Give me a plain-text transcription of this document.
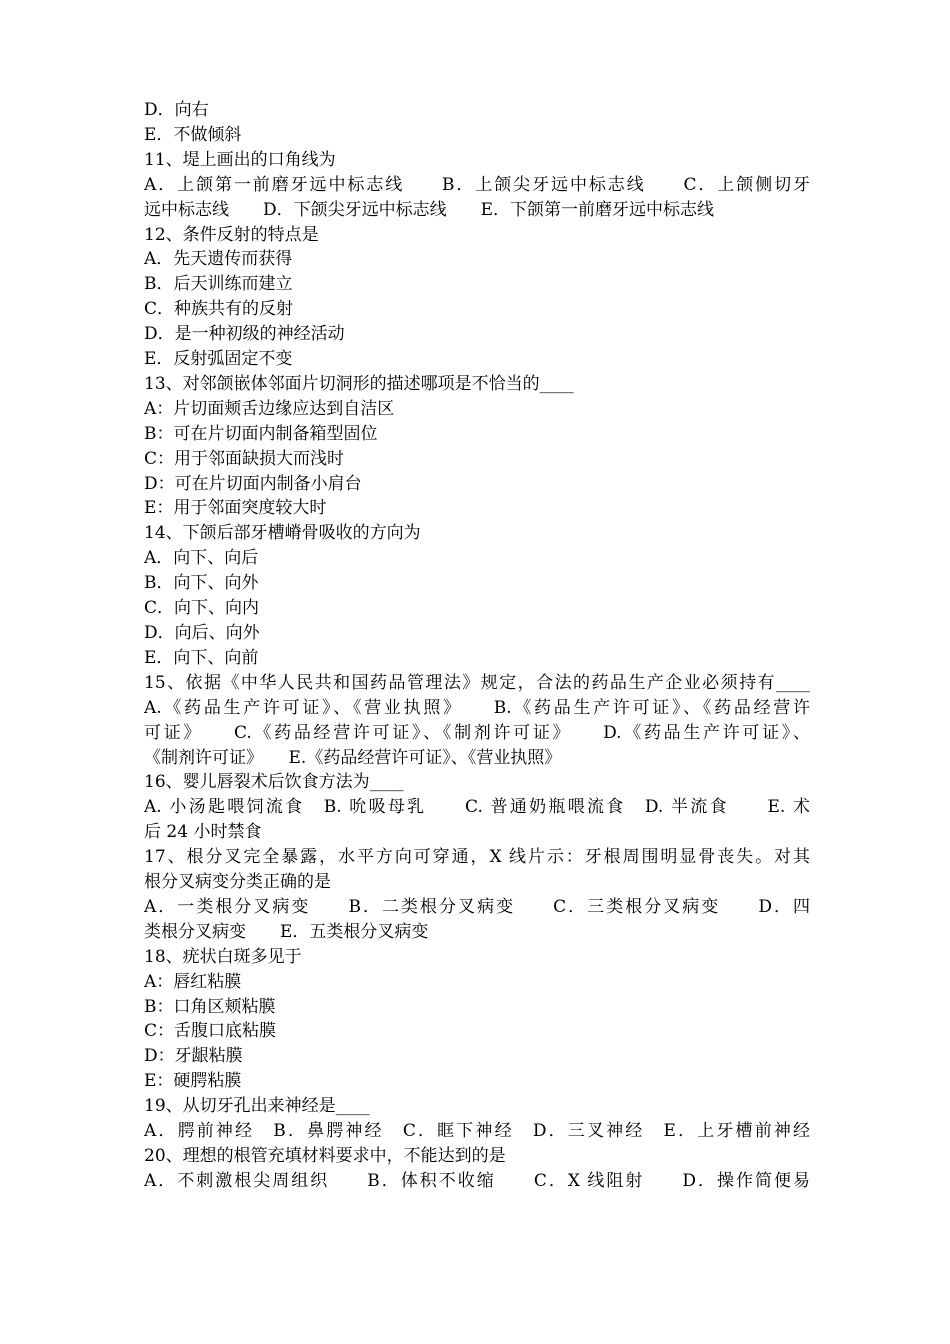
D．向右
E．不做倾斜
11、堤上画出的口角线为
A．上颌第一前磨牙远中标志线　　B．上颌尖牙远中标志线　　C．上颌侧切牙
远中标志线　　D．下颌尖牙远中标志线　　E．下颌第一前磨牙远中标志线
12、条件反射的特点是
A．先天遗传而获得
B．后天训练而建立
C．种族共有的反射
D．是一种初级的神经活动
E．反射弧固定不变
13、对邻颌嵌体邻面片切洞形的描述哪项是不恰当的____
A：片切面颊舌边缘应达到自洁区
B：可在片切面内制备箱型固位
C：用于邻面缺损大而浅时
D：可在片切面内制备小肩台
E：用于邻面突度较大时
14、下颌后部牙槽嵴骨吸收的方向为
A．向下、向后
B．向下、向外
C．向下、向内
D．向后、向外
E．向下、向前
15、依据《中华人民共和国药品管理法》规定，合法的药品生产企业必须持有____
A.《药品生产许可证》、《营业执照》　　B.《药品生产许可证》、《药品经营许
可证》　　C.《药品经营许可证》、《制剂许可证》　　D.《药品生产许可证》、
《制剂许可证》　　E.《药品经营许可证》、《营业执照》
16、婴儿唇裂术后饮食方法为____
A. 小汤匙喂饲流食　B. 吮吸母乳　　C. 普通奶瓶喂流食　D. 半流食　　E. 术
后 24 小时禁食
17、根分叉完全暴露，水平方向可穿通，X 线片示：牙根周围明显骨丧失。对其
根分叉病变分类正确的是
A．一类根分叉病变　　B．二类根分叉病变　　C．三类根分叉病变　　D．四
类根分叉病变　　E．五类根分叉病变
18、疣状白斑多见于
A：唇红粘膜
B：口角区颊粘膜
C：舌腹口底粘膜
D：牙龈粘膜
E：硬腭粘膜
19、从切牙孔出来神经是____
A．腭前神经　B．鼻腭神经　C．眶下神经　D．三叉神经　E．上牙槽前神经
20、理想的根管充填材料要求中，不能达到的是
A．不刺激根尖周组织　　B．体积不收缩　　C．X 线阻射　　D．操作简便易
